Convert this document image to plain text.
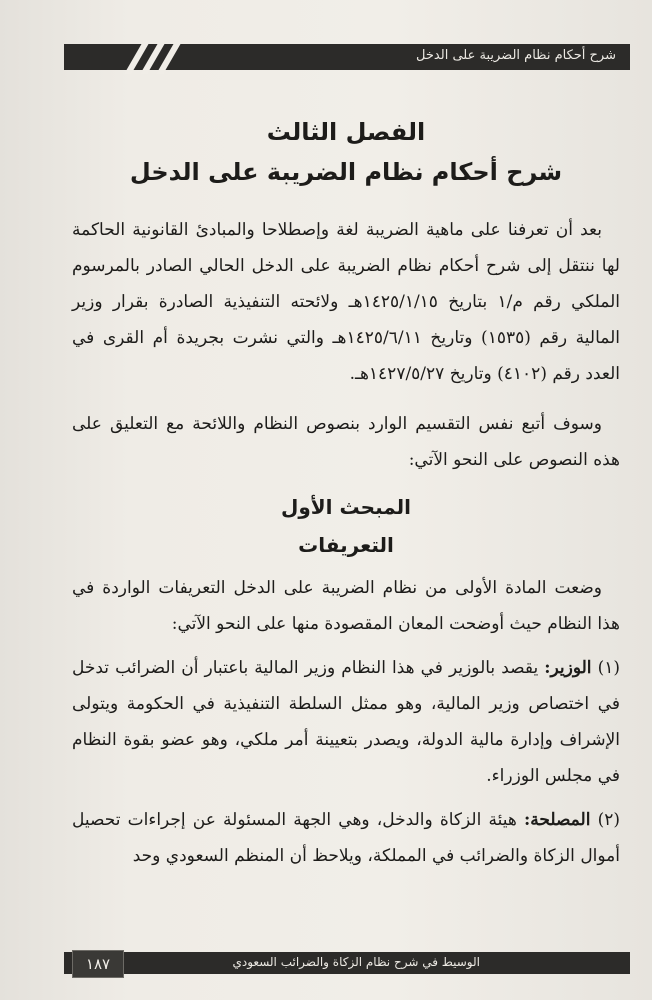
شرح أحكام نظام الضريبة على الدخل
الفصل الثالث
شرح أحكام نظام الضريبة على الدخل

بعد أن تعرفنا على ماهية الضريبة لغة وإصطلاحا والمبادئ القانونية الحاكمة لها ننتقل إلى شرح أحكام نظام الضريبة على الدخل الحالي الصادر بالمرسوم الملكي رقم م/١ بتاريخ ١٤٢٥/١/١٥هـ ولائحته التنفيذية الصادرة بقرار وزير المالية رقم (١٥٣٥) وتاريخ ١٤٢٥/٦/١١هـ والتي نشرت بجريدة أم القرى في العدد رقم (٤١٠٢) وتاريخ ١٤٢٧/٥/٢٧هـ.

وسوف أتبع نفس التقسيم الوارد بنصوص النظام واللائحة مع التعليق على هذه النصوص على النحو الآتي:

المبحث الأول
التعريفات

وضعت المادة الأولى من نظام الضريبة على الدخل التعريفات الواردة في هذا النظام حيث أوضحت المعان المقصودة منها على النحو الآتي:

(١) الوزير: يقصد بالوزير في هذا النظام وزير المالية باعتبار أن الضرائب تدخل في اختصاص وزير المالية، وهو ممثل السلطة التنفيذية في الحكومة ويتولى الإشراف وإدارة مالية الدولة، ويصدر بتعيينة أمر ملكي، وهو عضو بقوة النظام في مجلس الوزراء.

(٢) المصلحة: هيئة الزكاة والدخل، وهي الجهة المسئولة عن إجراءات تحصيل أموال الزكاة والضرائب في المملكة، ويلاحظ أن المنظم السعودي وحد

الوسيط في شرح نظام الزكاة والضرائب السعودي
١٨٧
